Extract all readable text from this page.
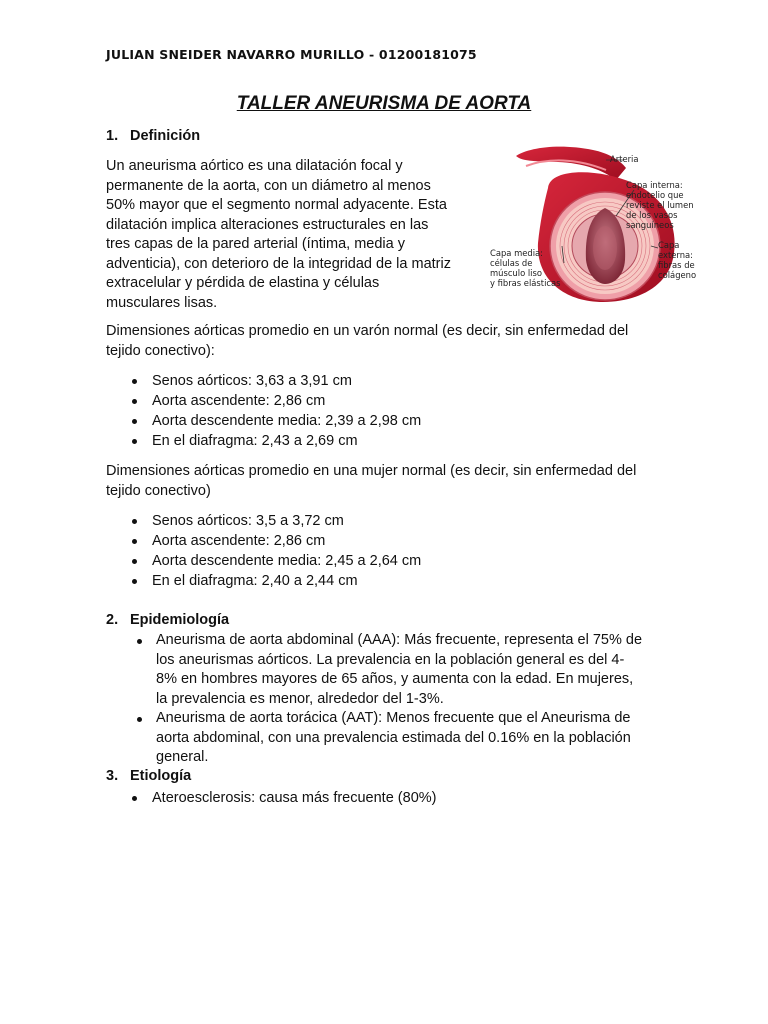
JULIAN SNEIDER NAVARRO MURILLO - 01200181075
TALLER ANEURISMA DE AORTA
1. Definición
Un aneurisma aórtico es una dilatación focal y
permanente de la aorta, con un diámetro al menos
50% mayor que el segmento normal adyacente. Esta
dilatación implica alteraciones estructurales en las
tres capas de la pared arterial (íntima, media y
adventicia), con deterioro de la integridad de la matriz
extracelular y pérdida de elastina y células
musculares lisas.
Arteria
Capa interna:
endotelio que
reviste el lumen
de los vasos
sanguíneos
Capa media:
células de
músculo liso
y fibras elásticas
Capa
externa:
fibras de
colágeno
Dimensiones aórticas promedio en un varón normal (es decir, sin enfermedad del
tejido conectivo):
Senos aórticos: 3,63 a 3,91 cm
Aorta ascendente: 2,86 cm
Aorta descendente media: 2,39 a 2,98 cm
En el diafragma: 2,43 a 2,69 cm
Dimensiones aórticas promedio en una mujer normal (es decir, sin enfermedad del
tejido conectivo)
Senos aórticos: 3,5 a 3,72 cm
Aorta ascendente: 2,86 cm
Aorta descendente media: 2,45 a 2,64 cm
En el diafragma: 2,40 a 2,44 cm
2. Epidemiología
Aneurisma de aorta abdominal (AAA): Más frecuente, representa el 75% de
los aneurismas aórticos. La prevalencia en la población general es del 4-
8% en hombres mayores de 65 años, y aumenta con la edad. En mujeres,
la prevalencia es menor, alrededor del 1-3%.
Aneurisma de aorta torácica (AAT): Menos frecuente que el Aneurisma de
aorta abdominal, con una prevalencia estimada del 0.16% en la población
general.
3. Etiología
Ateroesclerosis: causa más frecuente (80%)
